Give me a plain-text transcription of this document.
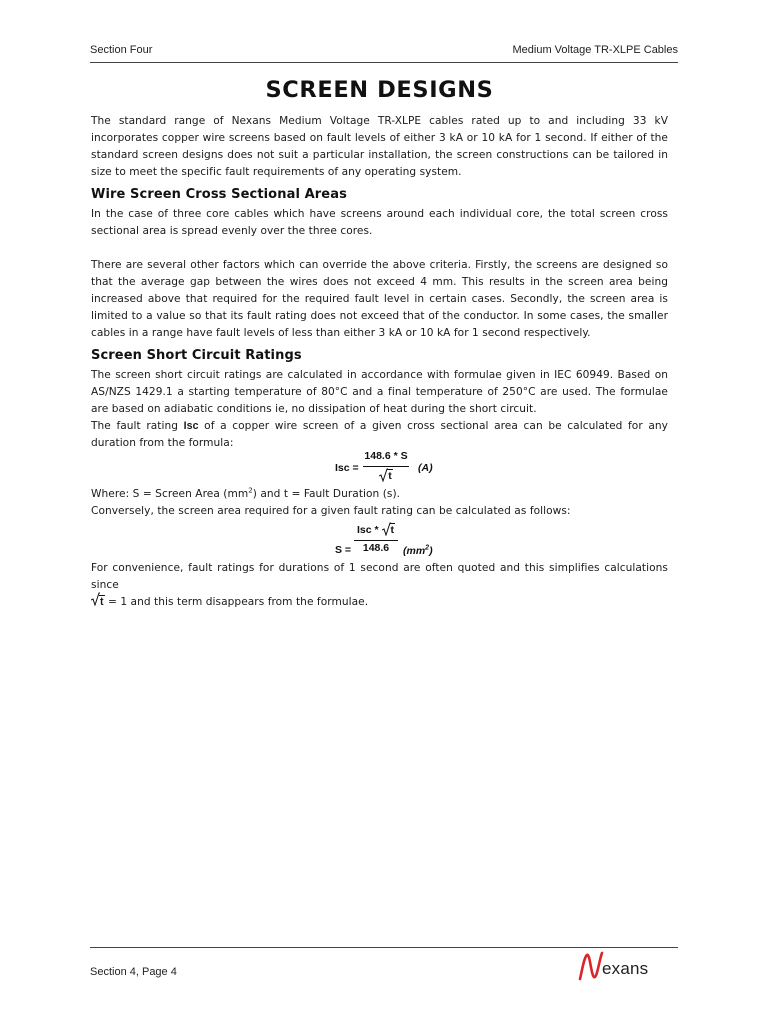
Section Four	Medium Voltage TR-XLPE Cables
SCREEN DESIGNS

The standard range of Nexans Medium Voltage TR-XLPE cables rated up to and including 33 kV incorporates copper wire screens based on fault levels of either 3 kA or 10 kA for 1 second. If either of the standard screen designs does not suit a particular installation, the screen constructions can be tailored in size to meet the specific fault requirements of any operating system.

Wire Screen Cross Sectional Areas

In the case of three core cables which have screens around each individual core, the total screen cross sectional area is spread evenly over the three cores.

There are several other factors which can override the above criteria. Firstly, the screens are designed so that the average gap between the wires does not exceed 4 mm. This results in the screen area being increased above that required for the required fault level in certain cases. Secondly, the screen area is limited to a value so that its fault rating does not exceed that of the conductor. In some cases, the smaller cables in a range have fault levels of less than either 3 kA or 10 kA for 1 second respectively.

Screen Short Circuit Ratings

The screen short circuit ratings are calculated in accordance with formulae given in IEC 60949. Based on AS/NZS 1429.1 a starting temperature of 80°C and a final temperature of 250°C are used. The formulae are based on adiabatic conditions ie, no dissipation of heat during the short circuit.

The fault rating Isc of a copper wire screen of a given cross sectional area can be calculated for any duration from the formula:

Isc =
148.6 * S
t
(A)

Where: S = Screen Area $(mm^2)$ and t = Fault Duration (s).

Conversely, the screen area required for a given fault rating can be calculated as follows:

Isc *
t
S =	148.6	$(mm^2)$

For convenience, fault ratings for durations of 1 second are often quoted and this simplifies calculations since

t = 1 and this term disappears from the formulae.

Section 4, Page 4	exans
